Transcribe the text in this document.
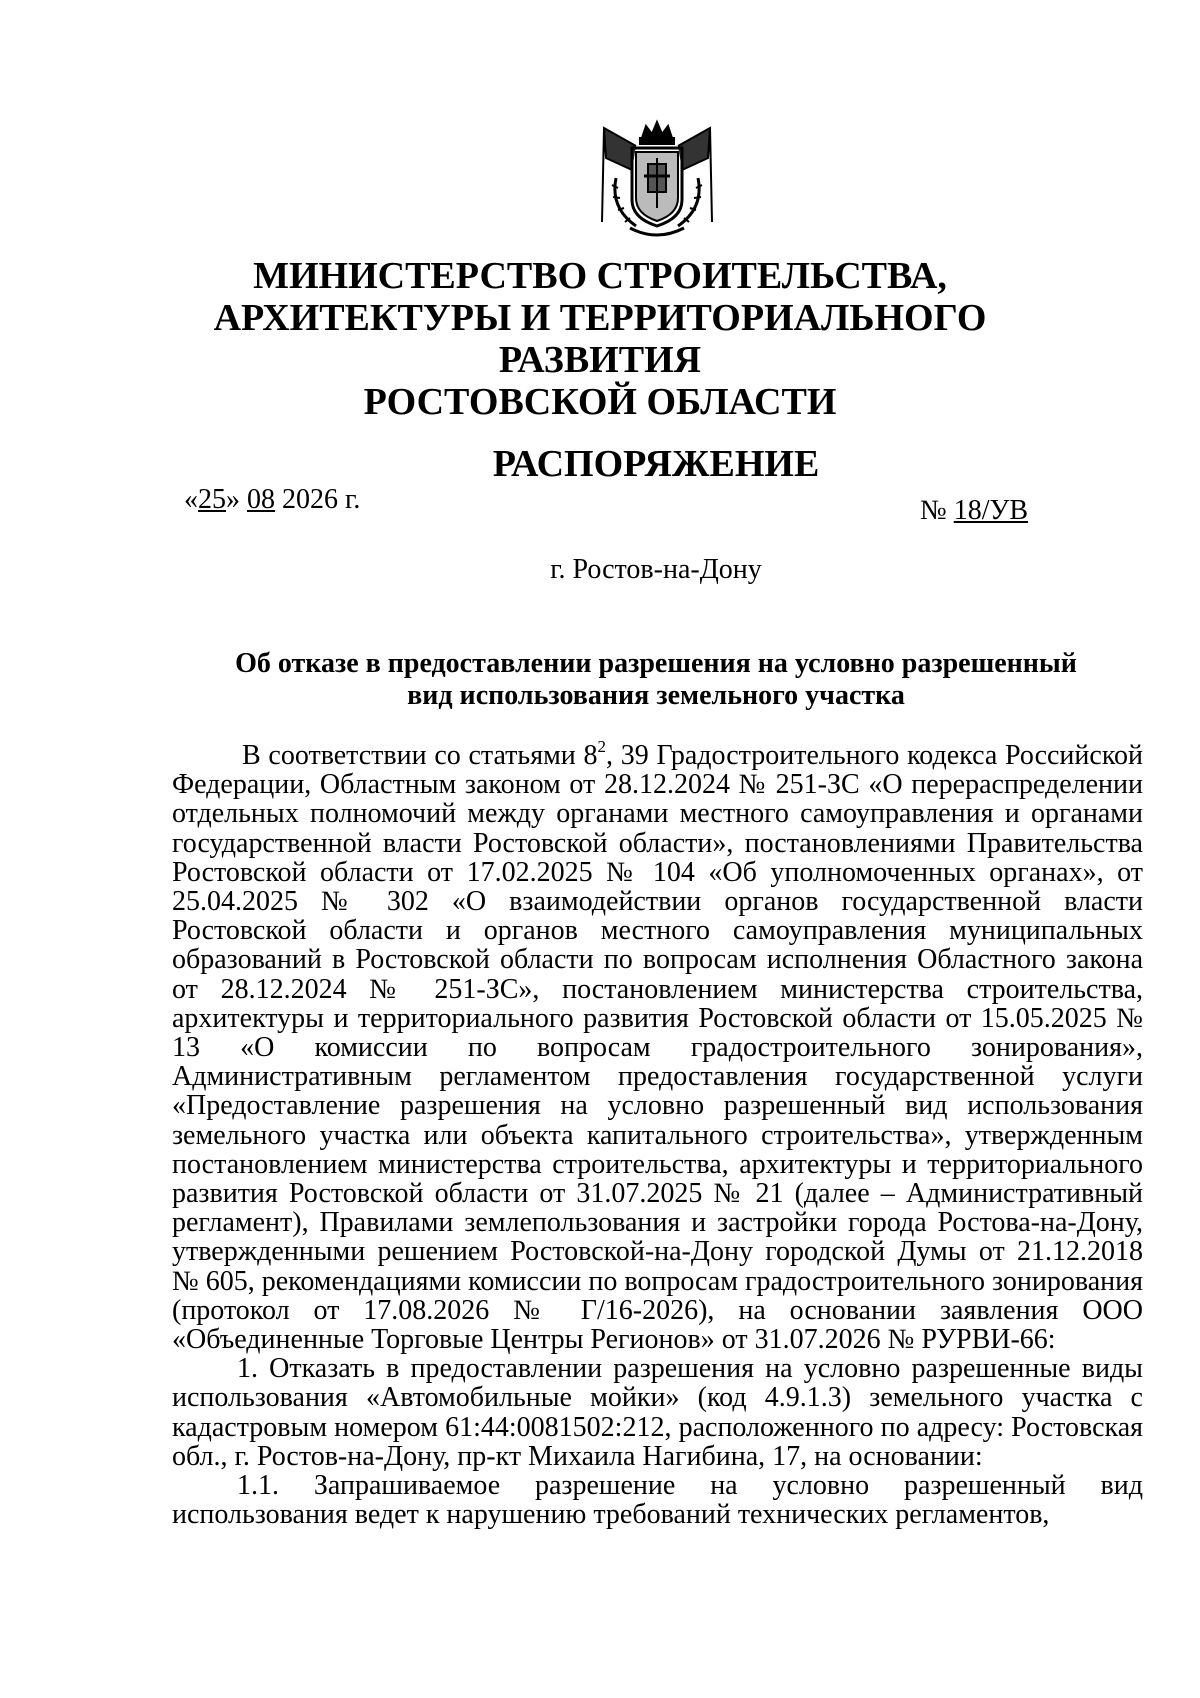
МИНИСТЕРСТВО СТРОИТЕЛЬСТВА,
АРХИТЕКТУРЫ И ТЕРРИТОРИАЛЬНОГО РАЗВИТИЯ
РОСТОВСКОЙ ОБЛАСТИ
РАСПОРЯЖЕНИЕ
«25» 08 2026 г.	№ 18/УВ
г. Ростов-на-Дону
Об отказе в предоставлении разрешения на условно разрешенный
вид использования земельного участка

В соответствии со статьями $8^2$, 39 Градостроительного кодекса Российской Федерации, Областным законом от 28.12.2024 № 251-ЗС «О перераспределении отдельных полномочий между органами местного самоуправления и органами государственной власти Ростовской области», постановлениями Правительства Ростовской области от 17.02.2025 № 104 «Об уполномоченных органах», от 25.04.2025 № 302 «О взаимодействии органов государственной власти Ростовской области и органов местного самоуправления муниципальных образований в Ростовской области по вопросам исполнения Областного закона от 28.12.2024 № 251-ЗС», постановлением министерства строительства, архитектуры и территориального развития Ростовской области от 15.05.2025 № 13 «О комиссии по вопросам градостроительного зонирования», Административным регламентом предоставления государственной услуги «Предоставление разрешения на условно разрешенный вид использования земельного участка или объекта капитального строительства», утвержденным постановлением министерства строительства, архитектуры и территориального развития Ростовской области от 31.07.2025 № 21 (далее – Административный регламент), Правилами землепользования и застройки города Ростова-на-Дону, утвержденными решением Ростовской-на-Дону городской Думы от 21.12.2018 № 605, рекомендациями комиссии по вопросам градостроительного зонирования (протокол от 17.08.2026 № Г/16-2026), на основании заявления ООО «Объединенные Торговые Центры Регионов» от 31.07.2026 № РУРВИ-66:

1. Отказать в предоставлении разрешения на условно разрешенные виды использования «Автомобильные мойки» (код 4.9.1.3) земельного участка с кадастровым номером 61:44:0081502:212, расположенного по адресу: Ростовская обл., г. Ростов-на-Дону, пр-кт Михаила Нагибина, 17, на основании:

1.1. Запрашиваемое разрешение на условно разрешенный вид использования ведет к нарушению требований технических регламентов,
